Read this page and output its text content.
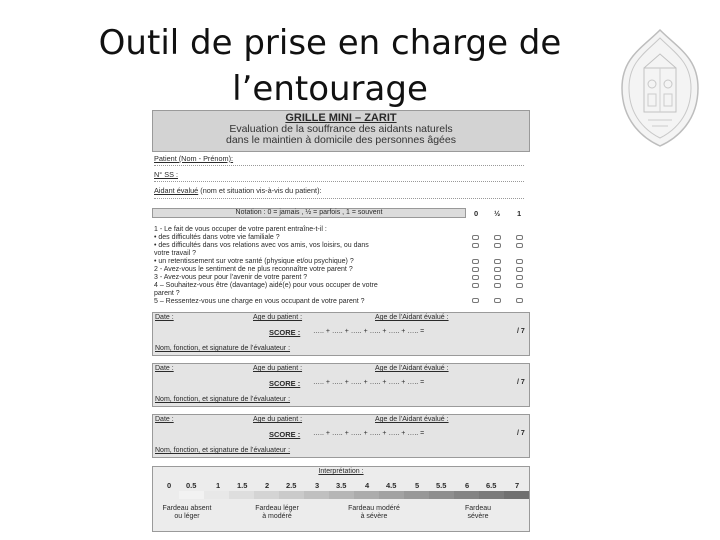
Outil de prise en charge de l’entourage
GRILLE MINI – ZARIT
Evaluation de la souffrance des aidants naturels
dans le maintien à domicile des personnes âgées
Patient (Nom - Prénom):
N° SS :
Aidant évalué (nom et situation vis-à-vis du patient):
Notation : 0 = jamais , ½ = parfois , 1 = souvent	0 ½ 1
1 - Le fait de vous occuper de votre parent entraîne-t-il :
• des difficultés dans votre vie familiale ?
• des difficultés dans vos relations avec vos amis, vos loisirs, ou dans
votre travail ?
• un retentissement sur votre santé (physique et/ou psychique) ?
2 - Avez-vous le sentiment de ne plus reconnaître votre parent ?
3 - Avez-vous peur pour l’avenir de votre parent ?
4 – Souhaitez-vous être (davantage) aidé(e) pour vous occuper de votre
parent ?
5 – Ressentez-vous une charge en vous occupant de votre parent ?
Date :	Age du patient :	Age de l’Aidant évalué :
SCORE : ….. + ….. + ….. + ….. + ….. + ….. =	/ 7
Nom, fonction, et signature de l’évaluateur :
Date :	Age du patient :	Age de l’Aidant évalué :
SCORE : ….. + ….. + ….. + ….. + ….. + ….. =	/ 7
Nom, fonction, et signature de l’évaluateur :
Date :	Age du patient :	Age de l’Aidant évalué :
SCORE : ….. + ….. + ….. + ….. + ….. + ….. =	/ 7
Nom, fonction, et signature de l’évaluateur :
Interprétation :
0 0.5	1 1.5 2 2.5 3 3.5 4 4.5 5 5.5 6 6.5 7
Fardeau absent
ou léger
Fardeau léger
à modéré
Fardeau modéré
à sévère
Fardeau
sévère
